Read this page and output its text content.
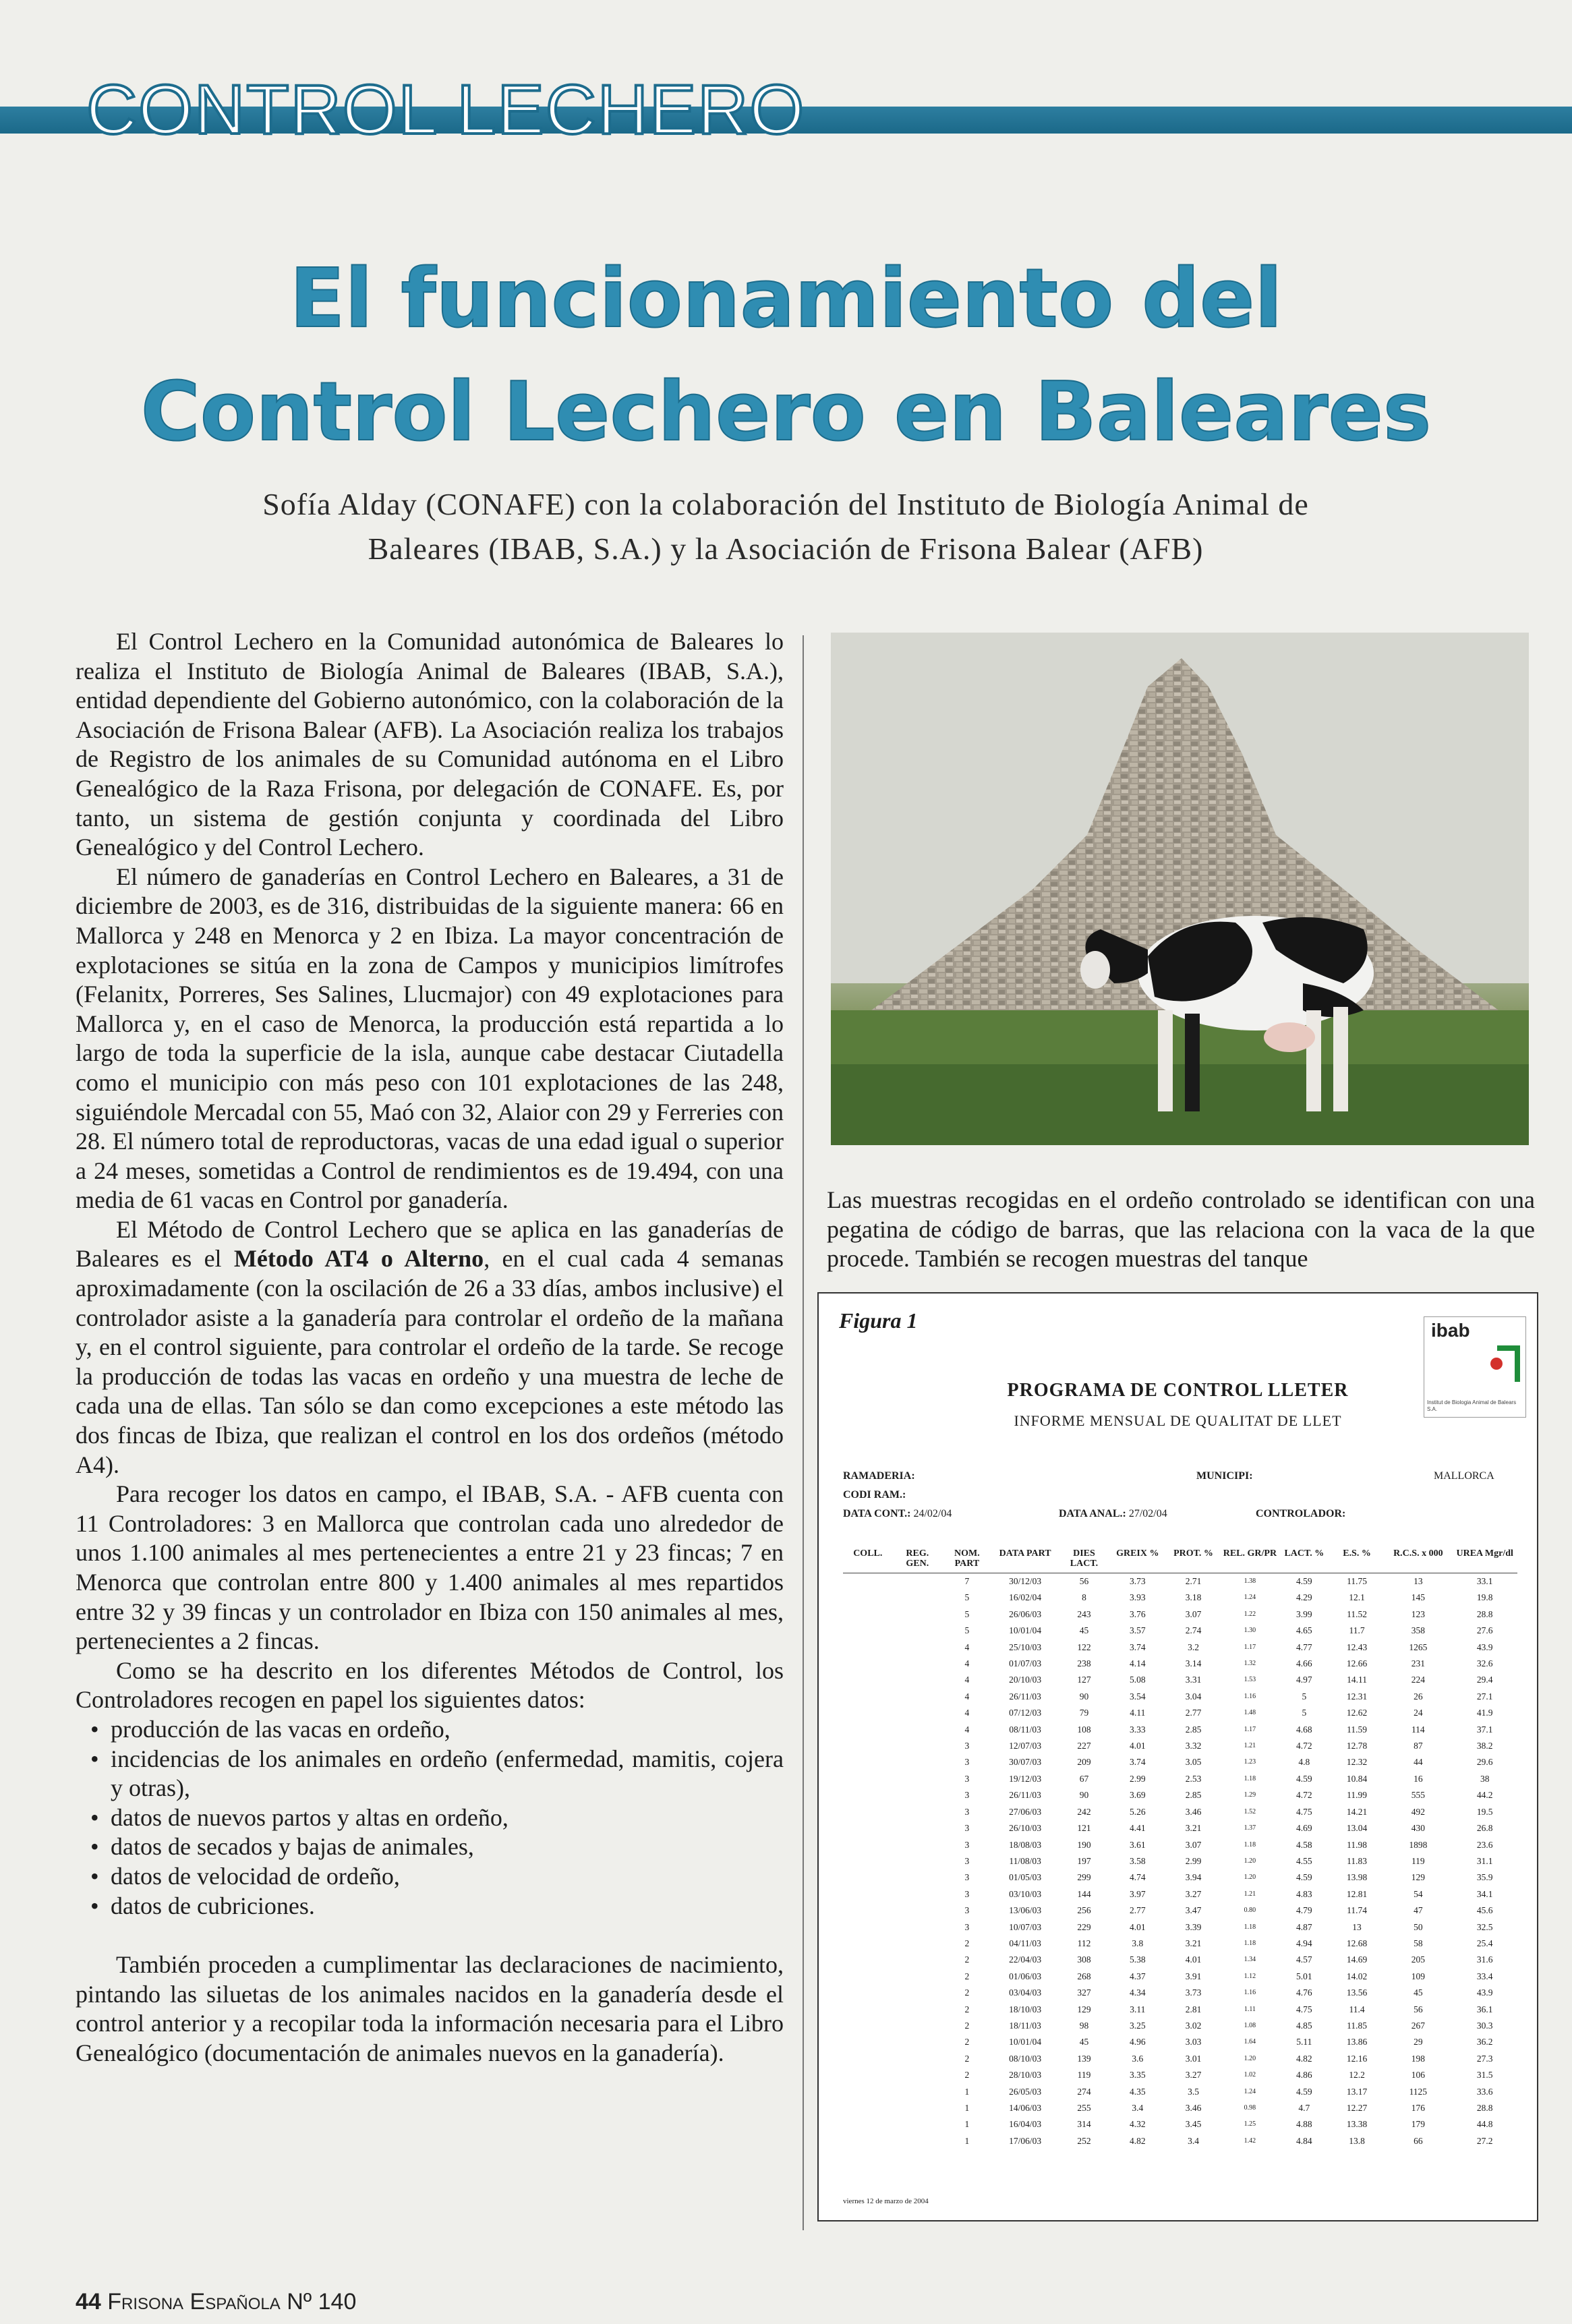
CONTROL LECHERO
El funcionamiento del
Control Lechero en Baleares
Sofía Alday (CONAFE) con la colaboración del Instituto de Biología Animal de
Baleares (IBAB, S.A.) y la Asociación de Frisona Balear (AFB)

El Control Lechero en la Comunidad autonómica de Baleares lo realiza el Instituto de Biología Animal de Baleares (IBAB, S.A.), entidad dependiente del Gobierno autonómico, con la colaboración de la Asociación de Frisona Balear (AFB). La Asociación realiza los trabajos de Registro de los animales de su Comunidad autónoma en el Libro Genealógico de la Raza Frisona, por delegación de CONAFE. Es, por tanto, un sistema de gestión conjunta y coordinada del Libro Genealógico y del Control Lechero.

El número de ganaderías en Control Lechero en Baleares, a 31 de diciembre de 2003, es de 316, distribuidas de la siguiente manera: 66 en Mallorca y 248 en Menorca y 2 en Ibiza. La mayor concentración de explotaciones se sitúa en la zona de Campos y municipios limítrofes (Felanitx, Porreres, Ses Salines, Llucmajor) con 49 explotaciones para Mallorca y, en el caso de Menorca, la producción está repartida a lo largo de toda la superficie de la isla, aunque cabe destacar Ciutadella como el municipio con más peso con 101 explotaciones de las 248, siguiéndole Mercadal con 55, Maó con 32, Alaior con 29 y Ferreries con 28. El número total de reproductoras, vacas de una edad igual o superior a 24 meses, sometidas a Control de rendimientos es de 19.494, con una media de 61 vacas en Control por ganadería.

El Método de Control Lechero que se aplica en las ganaderías de Baleares es el Método AT4 o Alterno, en el cual cada 4 semanas aproximadamente (con la oscilación de 26 a 33 días, ambos inclusive) el controlador asiste a la ganadería para controlar el ordeño de la mañana y, en el control siguiente, para controlar el ordeño de la tarde. Se recoge la producción de todas las vacas en ordeño y una muestra de leche de cada una de ellas. Tan sólo se dan como excepciones a este método las dos fincas de Ibiza, que realizan el control en los dos ordeños (método A4).

Para recoger los datos en campo, el IBAB, S.A. - AFB cuenta con 11 Controladores: 3 en Mallorca que controlan cada uno alrededor de unos 1.100 animales al mes pertenecientes a entre 21 y 23 fincas; 7 en Menorca que controlan entre 800 y 1.400 animales al mes repartidos entre 32 y 39 fincas y un controlador en Ibiza con 150 animales al mes, pertenecientes a 2 fincas.

Como se ha descrito en los diferentes Métodos de Control, los Controladores recogen en papel los siguientes datos:

• producción de las vacas en ordeño,
• incidencias de los animales en ordeño (enfermedad, mamitis, cojera y otras),
• datos de nuevos partos y altas en ordeño,
• datos de secados y bajas de animales,
• datos de velocidad de ordeño,
• datos de cubriciones.

También proceden a cumplimentar las declaraciones de nacimiento, pintando las siluetas de los animales nacidos en la ganadería desde el control anterior y a recopilar toda la información necesaria para el Libro Genealógico (documentación de animales nuevos en la ganadería).

Las muestras recogidas en el ordeño controlado se identifican con una pegatina de código de barras, que las relaciona con la vaca de la que procede. También se recogen muestras del tanque
Figura 1	ibab
Institut de Biologia Animal de Balears S.A.
PROGRAMA DE CONTROL LLETER
INFORME MENSUAL DE QUALITAT DE LLET
RAMADERIA:	MUNICIPI:	MALLORCA
CODI RAM.:
DATA CONT.: 24/02/04	DATA ANAL.: 27/02/04	CONTROLADOR:
COLL.	REG. GEN.	NOM. PART	DATA PART	DIES LACT.	GREIX %	PROT. %	REL. GR/PR	LACT. %	E.S. %	R.C.S. x 000	UREA Mgr/dl
		7	30/12/03	56	3.73	2.71	1.38	4.59	11.75	13	33.1
		5	16/02/04	8	3.93	3.18	1.24	4.29	12.1	145	19.8
		5	26/06/03	243	3.76	3.07	1.22	3.99	11.52	123	28.8
		5	10/01/04	45	3.57	2.74	1.30	4.65	11.7	358	27.6
		4	25/10/03	122	3.74	3.2	1.17	4.77	12.43	1265	43.9
		4	01/07/03	238	4.14	3.14	1.32	4.66	12.66	231	32.6
		4	20/10/03	127	5.08	3.31	1.53	4.97	14.11	224	29.4
		4	26/11/03	90	3.54	3.04	1.16	5	12.31	26	27.1
		4	07/12/03	79	4.11	2.77	1.48	5	12.62	24	41.9
		4	08/11/03	108	3.33	2.85	1.17	4.68	11.59	114	37.1
		3	12/07/03	227	4.01	3.32	1.21	4.72	12.78	87	38.2
		3	30/07/03	209	3.74	3.05	1.23	4.8	12.32	44	29.6
		3	19/12/03	67	2.99	2.53	1.18	4.59	10.84	16	38
		3	26/11/03	90	3.69	2.85	1.29	4.72	11.99	555	44.2
		3	27/06/03	242	5.26	3.46	1.52	4.75	14.21	492	19.5
		3	26/10/03	121	4.41	3.21	1.37	4.69	13.04	430	26.8
		3	18/08/03	190	3.61	3.07	1.18	4.58	11.98	1898	23.6
		3	11/08/03	197	3.58	2.99	1.20	4.55	11.83	119	31.1
		3	01/05/03	299	4.74	3.94	1.20	4.59	13.98	129	35.9
		3	03/10/03	144	3.97	3.27	1.21	4.83	12.81	54	34.1
		3	13/06/03	256	2.77	3.47	0.80	4.79	11.74	47	45.6
		3	10/07/03	229	4.01	3.39	1.18	4.87	13	50	32.5
		2	04/11/03	112	3.8	3.21	1.18	4.94	12.68	58	25.4
		2	22/04/03	308	5.38	4.01	1.34	4.57	14.69	205	31.6
		2	01/06/03	268	4.37	3.91	1.12	5.01	14.02	109	33.4
		2	03/04/03	327	4.34	3.73	1.16	4.76	13.56	45	43.9
		2	18/10/03	129	3.11	2.81	1.11	4.75	11.4	56	36.1
		2	18/11/03	98	3.25	3.02	1.08	4.85	11.85	267	30.3
		2	10/01/04	45	4.96	3.03	1.64	5.11	13.86	29	36.2
		2	08/10/03	139	3.6	3.01	1.20	4.82	12.16	198	27.3
		2	28/10/03	119	3.35	3.27	1.02	4.86	12.2	106	31.5
		1	26/05/03	274	4.35	3.5	1.24	4.59	13.17	1125	33.6
		1	14/06/03	255	3.4	3.46	0.98	4.7	12.27	176	28.8
		1	16/04/03	314	4.32	3.45	1.25	4.88	13.38	179	44.8
		1	17/06/03	252	4.82	3.4	1.42	4.84	13.8	66	27.2
viernes 12 de marzo de 2004
44 Frisona Española Nº 140
